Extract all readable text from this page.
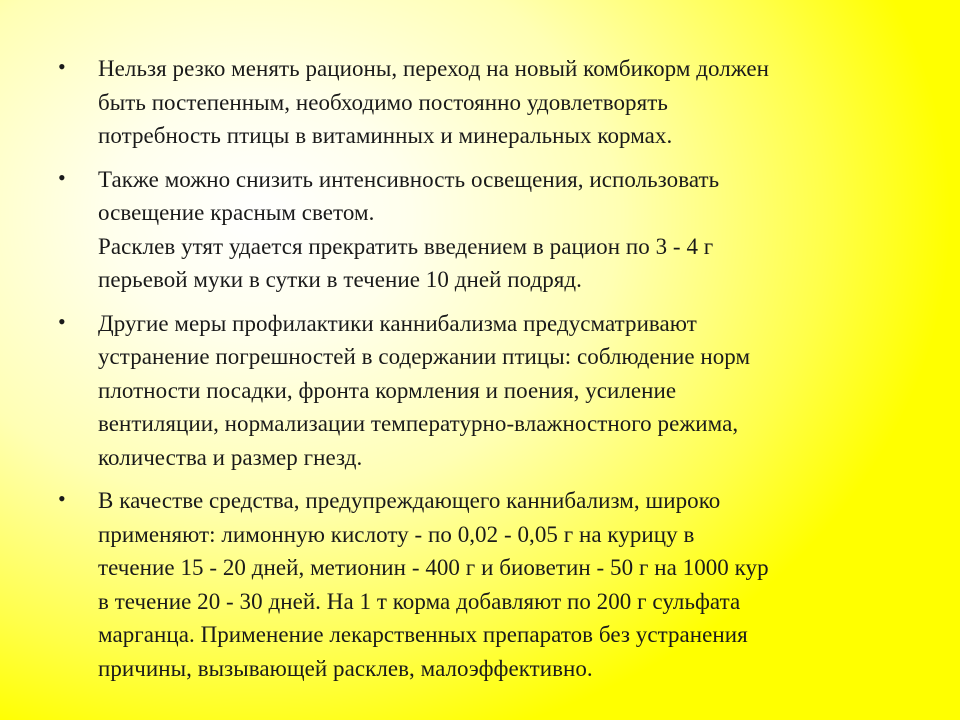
• Нельзя резко менять рационы, переход на новый комбикорм должен
быть постепенным, необходимо постоянно удовлетворять
потребность птицы в витаминных и минеральных кормах.
• Также можно снизить интенсивность освещения, использовать
освещение красным светом.
Расклев утят удается прекратить введением в рацион по 3 - 4 г
перьевой муки в сутки в течение 10 дней подряд.
• Другие меры профилактики каннибализма предусматривают
устранение погрешностей в содержании птицы: соблюдение норм
плотности посадки, фронта кормления и поения, усиление
вентиляции, нормализации температурно-влажностного режима,
количества и размер гнезд.
• В качестве средства, предупреждающего каннибализм, широко
применяют: лимонную кислоту - по 0,02 - 0,05 г на курицу в
течение 15 - 20 дней, метионин - 400 г и биоветин - 50 г на 1000 кур
в течение 20 - 30 дней. На 1 т корма добавляют по 200 г сульфата
марганца. Применение лекарственных препаратов без устранения
причины, вызывающей расклев, малоэффективно.
